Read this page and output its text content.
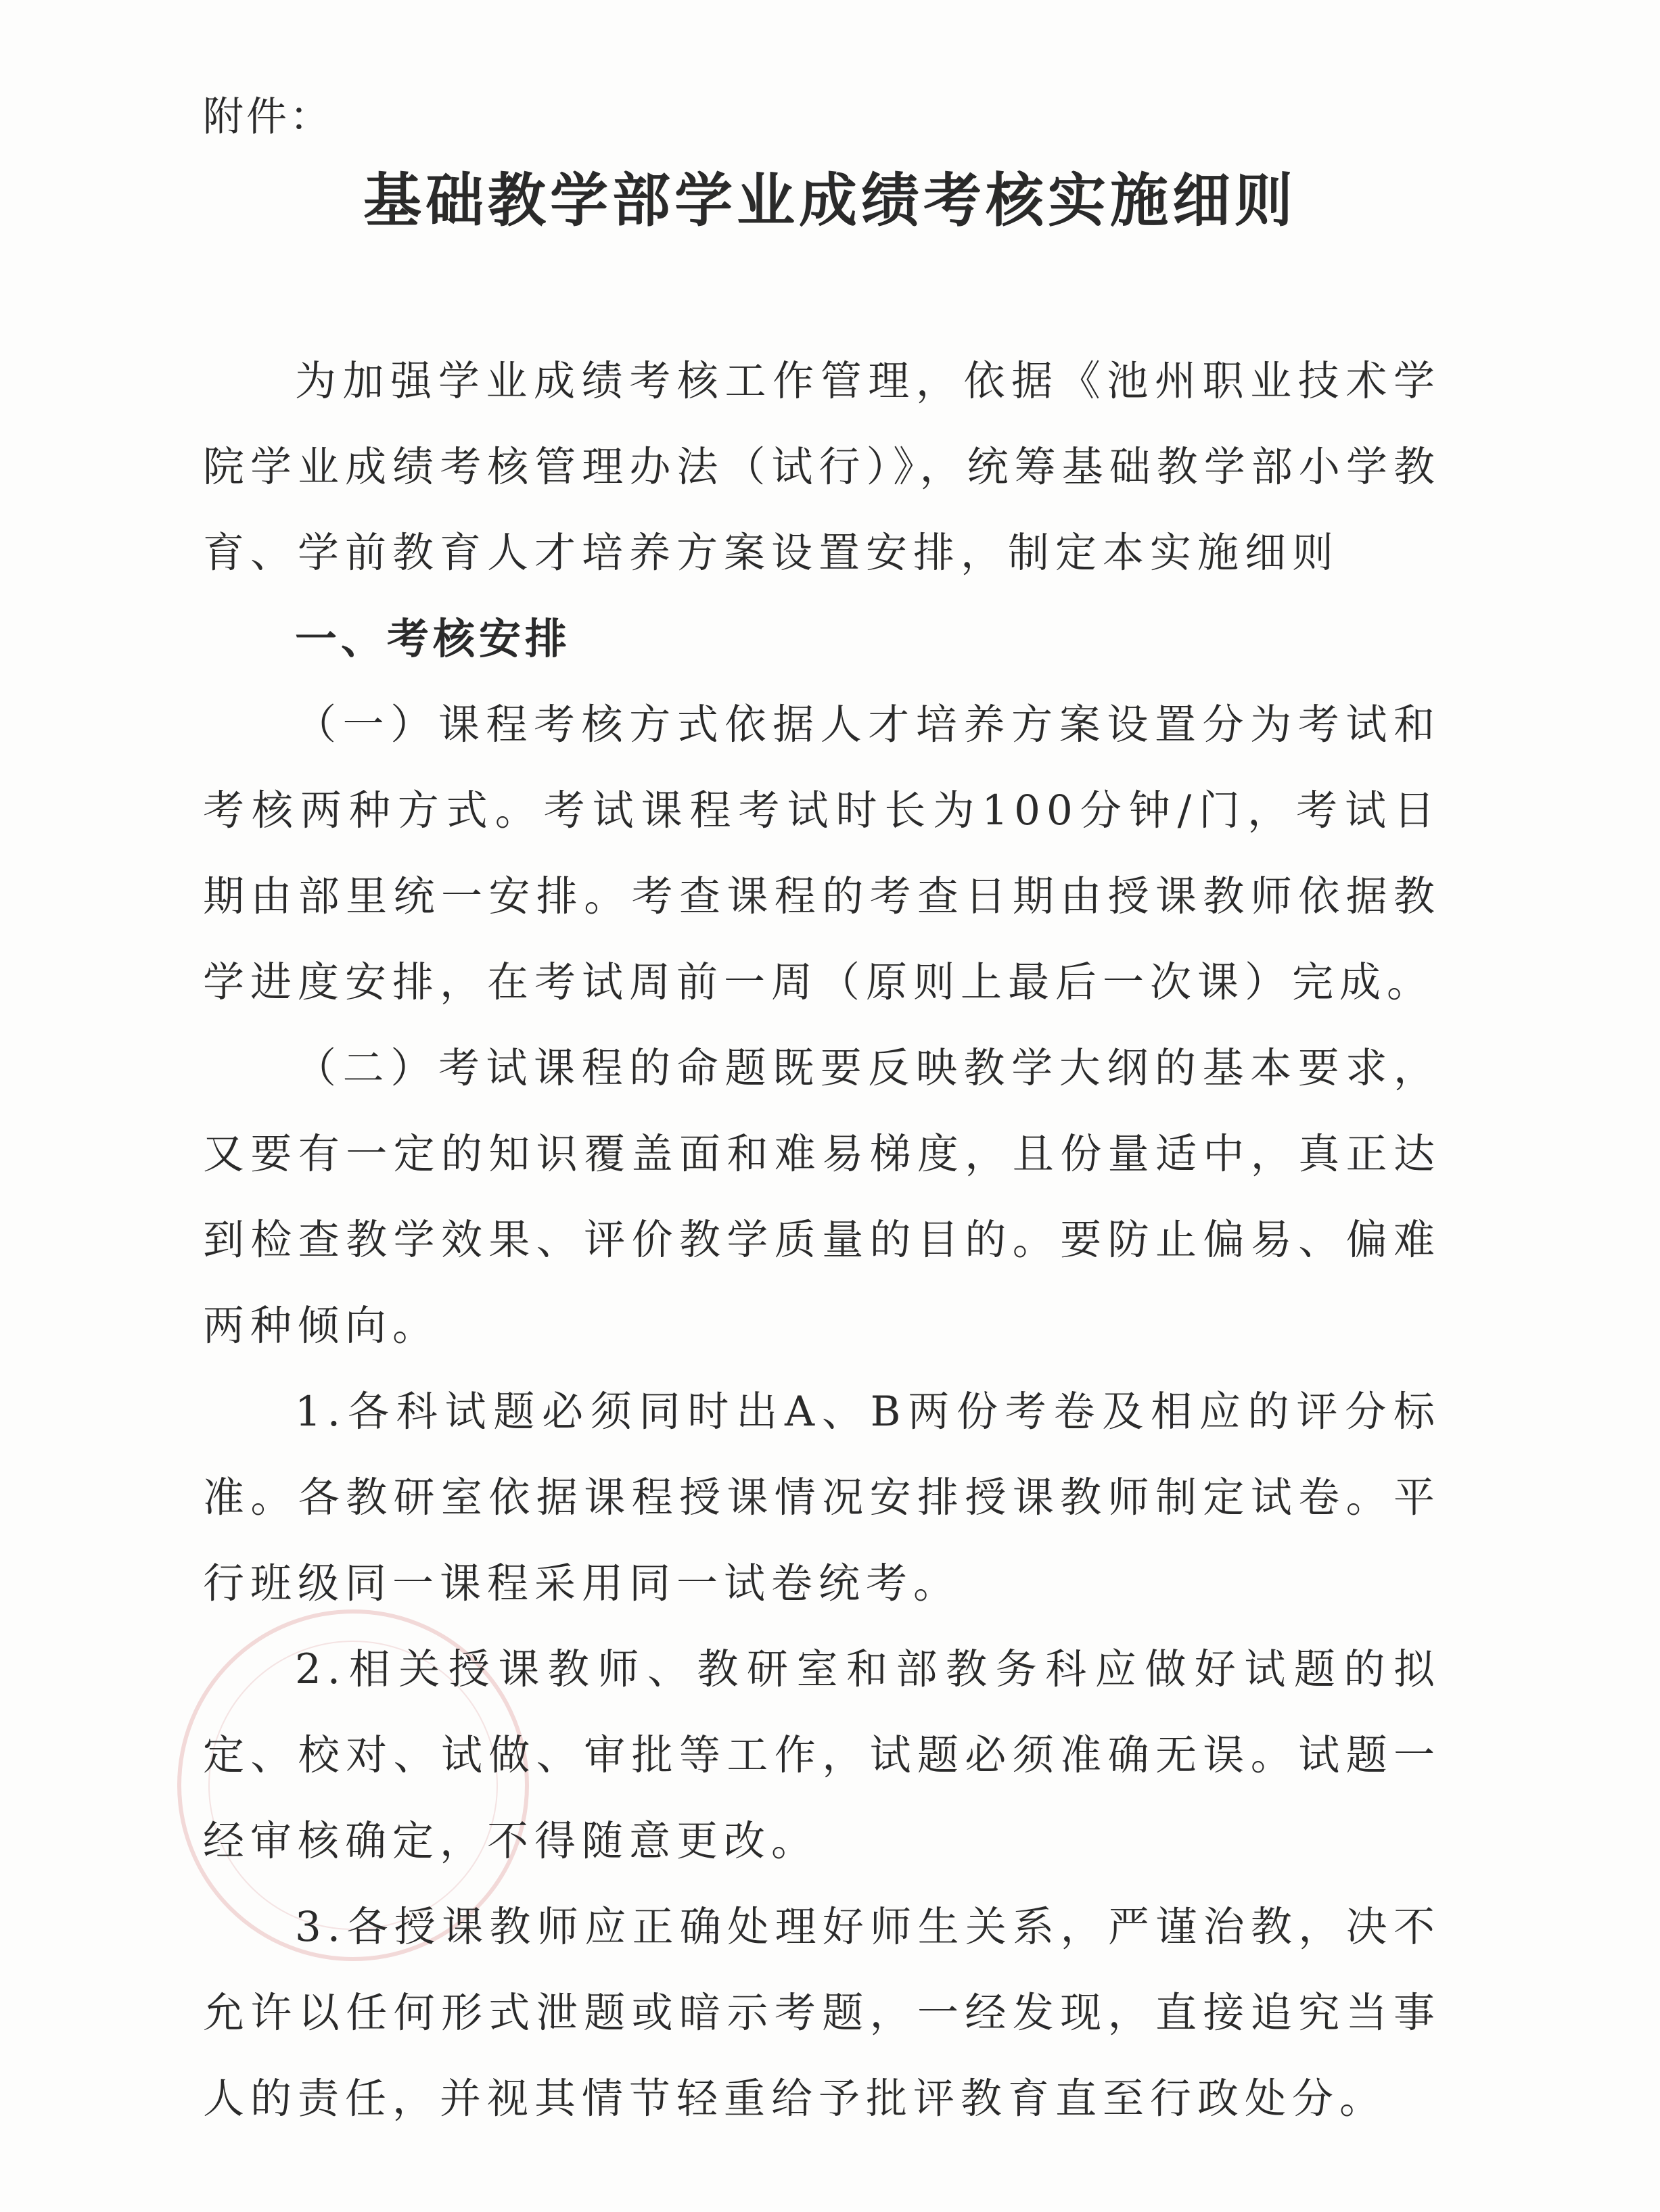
附件：
基础教学部学业成绩考核实施细则

为加强学业成绩考核工作管理，依据《池州职业技术学院学业成绩考核管理办法（试行）》，统筹基础教学部小学教育、学前教育人才培养方案设置安排，制定本实施细则

一、考核安排

（一）课程考核方式依据人才培养方案设置分为考试和考核两种方式。考试课程考试时长为100分钟/门，考试日期由部里统一安排。考查课程的考查日期由授课教师依据教学进度安排，在考试周前一周（原则上最后一次课）完成。

（二）考试课程的命题既要反映教学大纲的基本要求，又要有一定的知识覆盖面和难易梯度，且份量适中，真正达到检查教学效果、评价教学质量的目的。要防止偏易、偏难两种倾向。

1.各科试题必须同时出A、B两份考卷及相应的评分标准。各教研室依据课程授课情况安排授课教师制定试卷。平行班级同一课程采用同一试卷统考。

2.相关授课教师、教研室和部教务科应做好试题的拟定、校对、试做、审批等工作，试题必须准确无误。试题一经审核确定，不得随意更改。

3.各授课教师应正确处理好师生关系，严谨治教，决不允许以任何形式泄题或暗示考题，一经发现，直接追究当事人的责任，并视其情节轻重给予批评教育直至行政处分。
